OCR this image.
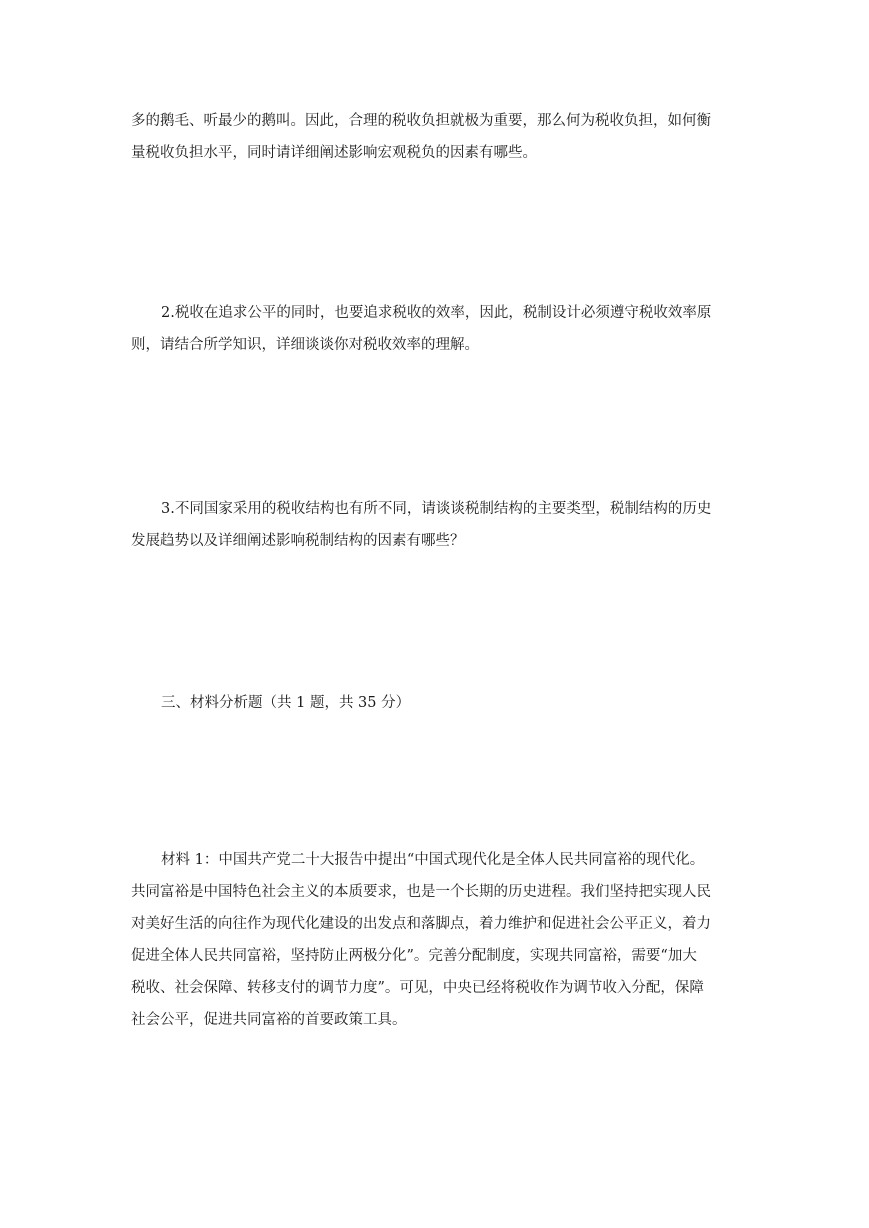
多的鹅毛、听最少的鹅叫。因此，合理的税收负担就极为重要，那么何为税收负担，如何衡
量税收负担水平，同时请详细阐述影响宏观税负的因素有哪些。

2.税收在追求公平的同时，也要追求税收的效率，因此，税制设计必须遵守税收效率原
则，请结合所学知识，详细谈谈你对税收效率的理解。

3.不同国家采用的税收结构也有所不同，请谈谈税制结构的主要类型，税制结构的历史
发展趋势以及详细阐述影响税制结构的因素有哪些？

三、材料分析题（共 1 题，共 35 分）

材料 1：中国共产党二十大报告中提出“中国式现代化是全体人民共同富裕的现代化。
共同富裕是中国特色社会主义的本质要求，也是一个长期的历史进程。我们坚持把实现人民
对美好生活的向往作为现代化建设的出发点和落脚点，着力维护和促进社会公平正义，着力
促进全体人民共同富裕，坚持防止两极分化”。完善分配制度，实现共同富裕，需要“加大
税收、社会保障、转移支付的调节力度”。可见，中央已经将税收作为调节收入分配，保障
社会公平，促进共同富裕的首要政策工具。
